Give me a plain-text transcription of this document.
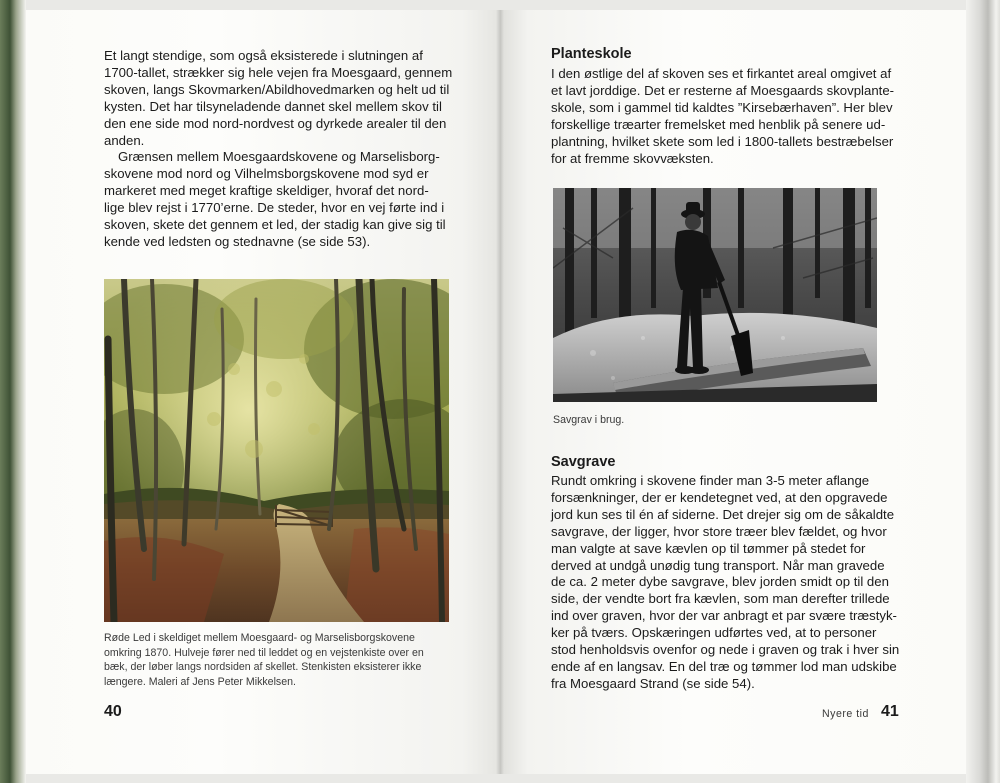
Et langt stendige, som også eksisterede i slutningen af
1700-tallet, strækker sig hele vejen fra Moesgaard, gennem
skoven, langs Skovmarken/Abildhovedmarken og helt ud til
kysten. Det har tilsyneladende dannet skel mellem skov til
den ene side mod nord-nordvest og dyrkede arealer til den
anden.

Grænsen mellem Moesgaardskovene og Marselisborg-
skovene mod nord og Vilhelmsborgskovene mod syd er
markeret med meget kraftige skeldiger, hvoraf det nord-
lige blev rejst i 1770’erne. De steder, hvor en vej førte ind i
skoven, skete det gennem et led, der stadig kan give sig til
kende ved ledsten og stednavne (se side 53).

Røde Led i skeldiget mellem Moesgaard- og Marselisborgskovene
omkring 1870. Hulveje fører ned til leddet og en vejstenkiste over en
bæk, der løber langs nordsiden af skellet. Stenkisten eksisterer ikke
længere. Maleri af Jens Peter Mikkelsen.
40
Planteskole

I den østlige del af skoven ses et firkantet areal omgivet af
et lavt jorddige. Det er resterne af Moesgaards skovplante-
skole, som i gammel tid kaldtes ”Kirsebærhaven”. Her blev
forskellige træarter fremelsket med henblik på senere ud-
plantning, hvilket skete som led i 1800-tallets bestræbelser
for at fremme skovvæksten.

Savgrav i brug.
Savgrave

Rundt omkring i skovene finder man 3-5 meter aflange
forsænkninger, der er kendetegnet ved, at den opgravede
jord kun ses til én af siderne. Det drejer sig om de såkaldte
savgrave, der ligger, hvor store træer blev fældet, og hvor
man valgte at save kævlen op til tømmer på stedet for
derved at undgå unødig tung transport. Når man gravede
de ca. 2 meter dybe savgrave, blev jorden smidt op til den
side, der vendte bort fra kævlen, som man derefter trillede
ind over graven, hvor der var anbragt et par svære træstyk-
ker på tværs. Opskæringen udførtes ved, at to personer
stod henholdsvis ovenfor og nede i graven og trak i hver sin
ende af en langsav. En del træ og tømmer lod man udskibe
fra Moesgaard Strand (se side 54).

Nyere tid 41
